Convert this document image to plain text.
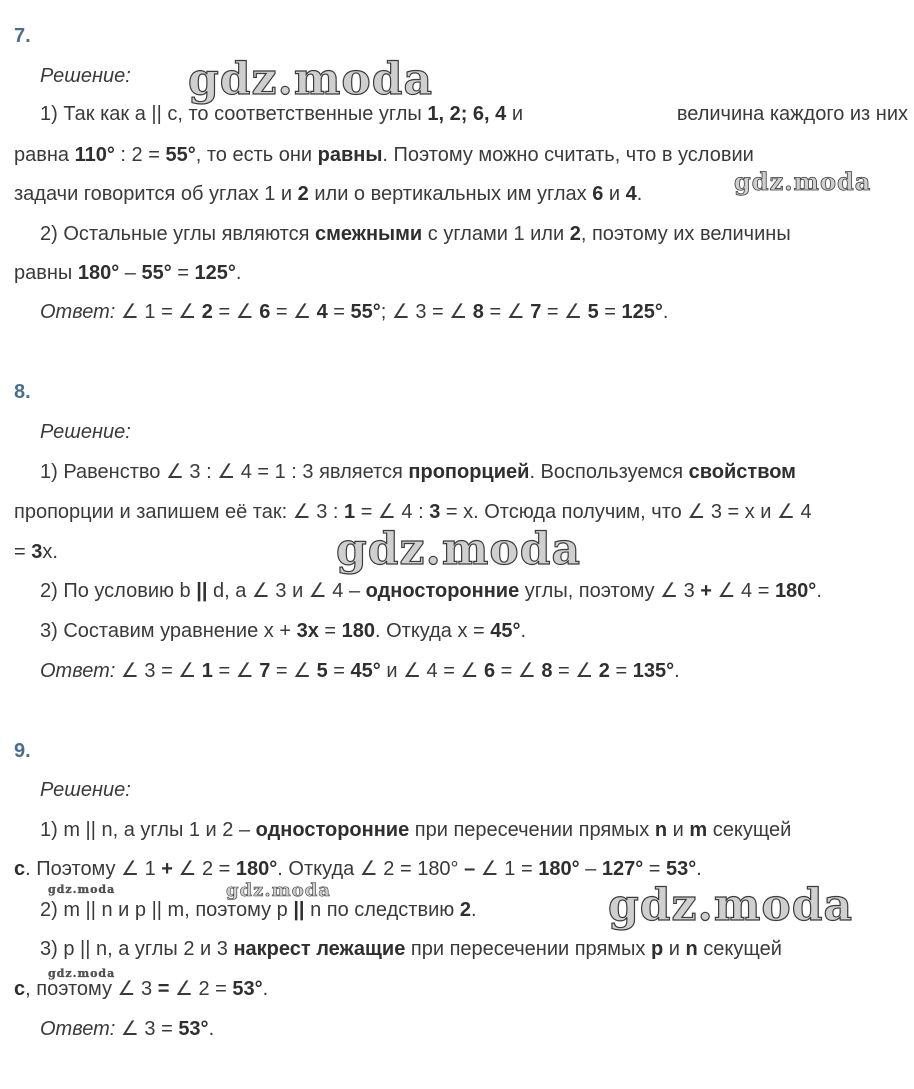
7.
Решение:
1) Так как a || c, то соответственные углы 1, 2; 6, 4 и	величина каждого из них
равна 110° : 2 = 55°, то есть они равны. Поэтому можно считать, что в условии
задачи говорится об углах 1 и 2 или о вертикальных им углах 6 и 4.
2) Остальные углы являются смежными с углами 1 или 2, поэтому их величины
равны 180° – 55° = 125°.
Ответ: ∠ 1 = ∠ 2 = ∠ 6 = ∠ 4 = 55°; ∠ 3 = ∠ 8 = ∠ 7 = ∠ 5 = 125°.
8.
Решение:
1) Равенство ∠ 3 : ∠ 4 = 1 : 3 является пропорцией. Воспользуемся свойством
пропорции и запишем её так: ∠ 3 : 1 = ∠ 4 : 3 = x. Отсюда получим, что ∠ 3 = x и ∠ 4
= 3x.
2) По условию b || d, а ∠ 3 и ∠ 4 – односторонние углы, поэтому ∠ 3 + ∠ 4 = 180°.
3) Составим уравнение x + 3x = 180. Откуда x = 45°.
Ответ: ∠ 3 = ∠ 1 = ∠ 7 = ∠ 5 = 45° и ∠ 4 = ∠ 6 = ∠ 8 = ∠ 2 = 135°.
9.
Решение:
1) m || n, а углы 1 и 2 – односторонние при пересечении прямых n и m секущей
c. Поэтому ∠ 1 + ∠ 2 = 180°. Откуда ∠ 2 = 180° – ∠ 1 = 180° – 127° = 53°.
2) m || n и p || m, поэтому p || n по следствию 2.
3) p || n, а углы 2 и 3 накрест лежащие при пересечении прямых p и n секущей
c, поэтому ∠ 3 = ∠ 2 = 53°.
Ответ: ∠ 3 = 53°.
gdz.moda
gdz.moda
gdz.moda
gdz.moda	gdz.moda	gdz.moda
gdz.moda
